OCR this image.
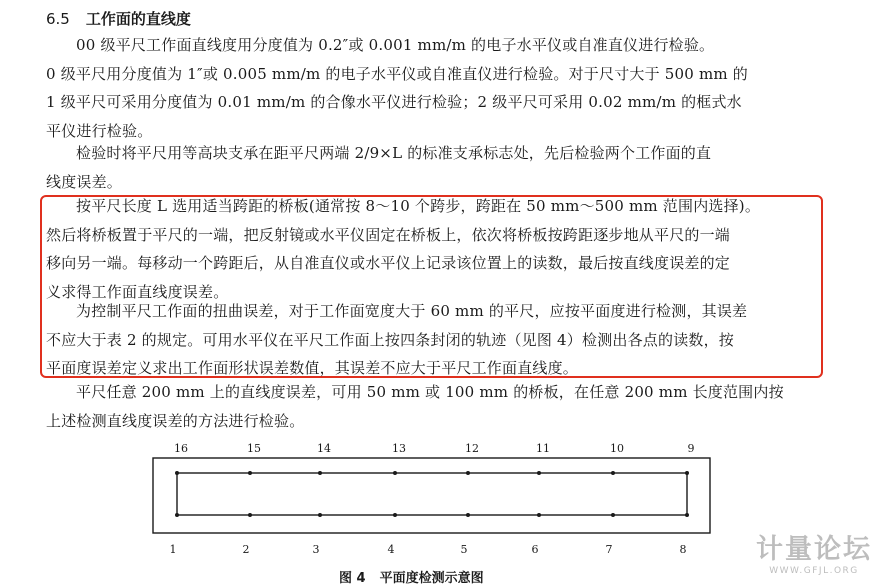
6.5 工作面的直线度
00 级平尺工作面直线度用分度值为 0.2″或 0.001 mm/m 的电子水平仪或自准直仪进行检验。
0 级平尺用分度值为 1″或 0.005 mm/m 的电子水平仪或自准直仪进行检验。对于尺寸大于 500 mm 的
1 级平尺可采用分度值为 0.01 mm/m 的合像水平仪进行检验；2 级平尺可采用 0.02 mm/m 的框式水
平仪进行检验。
检验时将平尺用等高块支承在距平尺两端 2/9×L 的标准支承标志处，先后检验两个工作面的直
线度误差。
按平尺长度 L 选用适当跨距的桥板(通常按 8～10 个跨步，跨距在 50 mm～500 mm 范围内选择)。
然后将桥板置于平尺的一端，把反射镜或水平仪固定在桥板上，依次将桥板按跨距逐步地从平尺的一端
移向另一端。每移动一个跨距后，从自准直仪或水平仪上记录该位置上的读数，最后按直线度误差的定
义求得工作面直线度误差。
为控制平尺工作面的扭曲误差，对于工作面宽度大于 60 mm 的平尺，应按平面度进行检测，其误差
不应大于表 2 的规定。可用水平仪在平尺工作面上按四条封闭的轨迹（见图 4）检测出各点的读数，按
平面度误差定义求出工作面形状误差数值，其误差不应大于平尺工作面直线度。
平尺任意 200 mm 上的直线度误差，可用 50 mm 或 100 mm 的桥板，在任意 200 mm 长度范围内按
上述检测直线度误差的方法进行检验。
16
1
15
2
14
3
13
4
12
5
11
6
10
7
9
8
图 4 平面度检测示意图
计量论坛
WWW.GFJL.ORG
